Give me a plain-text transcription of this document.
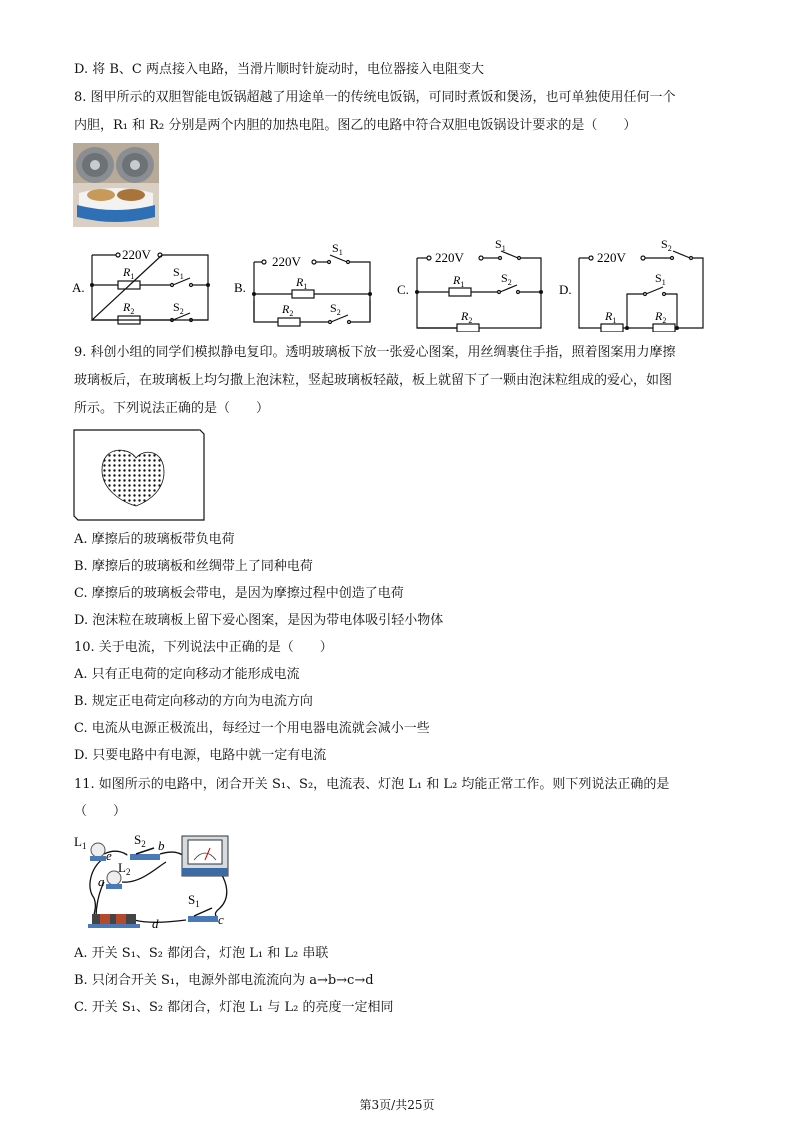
D. 将 B、C 两点接入电路，当滑片顺时针旋动时，电位器接入电阻变大
8. 图甲所示的双胆智能电饭锅超越了用途单一的传统电饭锅，可同时煮饭和煲汤，也可单独使用任何一个
内胆，R₁ 和 R₂ 分别是两个内胆的加热电阻。图乙的电路中符合双胆电饭锅设计要求的是（　　）
A.
220V
$R_1$	$S_1$
$R_2$	$S_2$
B.
220V
$S_1$
$R_1$
$R_2$	$S_2$
C.
220V
$S_1$
$R_1$	$S_2$
$R_2$
D.
220V
$S_2$
$S_1$
$R_1$	$R_2$
9. 科创小组的同学们模拟静电复印。透明玻璃板下放一张爱心图案，用丝绸裹住手指，照着图案用力摩擦
玻璃板后，在玻璃板上均匀撒上泡沫粒，竖起玻璃板轻敲，板上就留下了一颗由泡沫粒组成的爱心，如图
所示。下列说法正确的是（　　）
A. 摩擦后的玻璃板带负电荷
B. 摩擦后的玻璃板和丝绸带上了同种电荷
C. 摩擦后的玻璃板会带电，是因为摩擦过程中创造了电荷
D. 泡沫粒在玻璃板上留下爱心图案，是因为带电体吸引轻小物体
10. 关于电流，下列说法中正确的是（　　）
A. 只有正电荷的定向移动才能形成电流
B. 规定正电荷定向移动的方向为电流方向
C. 电流从电源正极流出，每经过一个用电器电流就会减小一些
D. 只要电路中有电源，电路中就一定有电流
11. 如图所示的电路中，闭合开关 S₁、S₂，电流表、灯泡 L₁ 和 L₂ 均能正常工作。则下列说法正确的是
（　　）
$L_1$
e
$S_2$ b
$L_2$
a
$S_1$
c
d
A. 开关 S₁、S₂ 都闭合，灯泡 L₁ 和 L₂ 串联
B. 只闭合开关 S₁，电源外部电流流向为 a→b→c→d
C. 开关 S₁、S₂ 都闭合，灯泡 L₁ 与 L₂ 的亮度一定相同
第3页/共25页
